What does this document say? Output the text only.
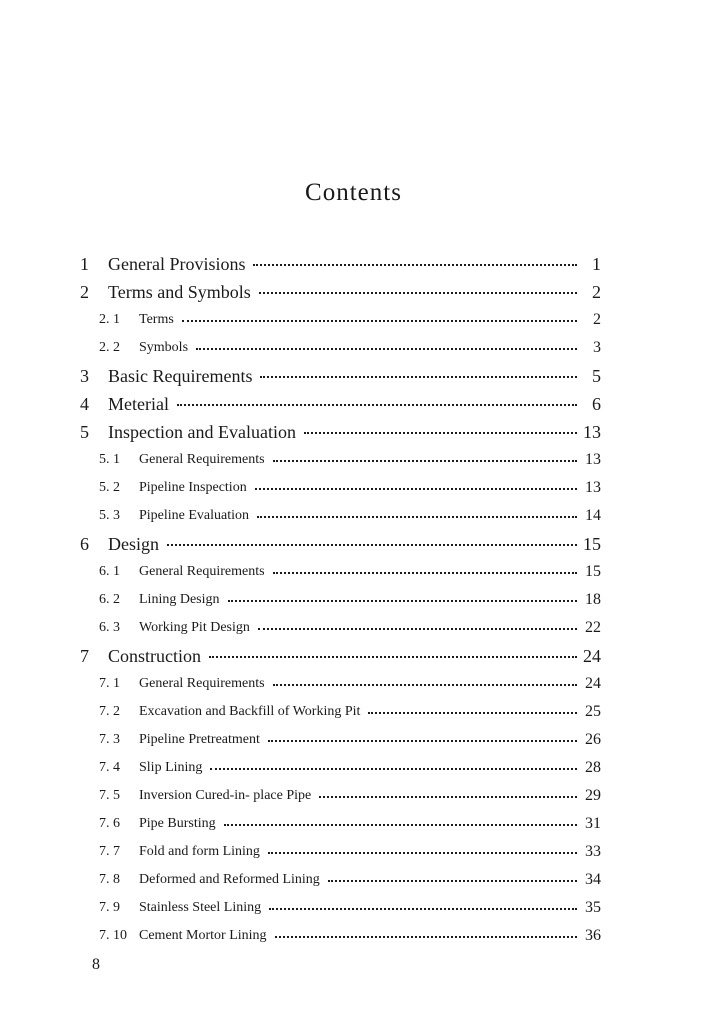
Contents
1	General Provisions	1
2	Terms and Symbols	2
2. 1	Terms	2
2. 2	Symbols	3
3	Basic Requirements	5
4	Meterial	6
5	Inspection and Evaluation	13
5. 1	General Requirements	13
5. 2	Pipeline Inspection	13
5. 3	Pipeline Evaluation	14
6	Design	15
6. 1	General Requirements	15
6. 2	Lining Design	18
6. 3	Working Pit Design	22
7	Construction	24
7. 1	General Requirements	24
7. 2	Excavation and Backfill of Working Pit	25
7. 3	Pipeline Pretreatment	26
7. 4	Slip Lining	28
7. 5	Inversion Cured-in- place Pipe	29
7. 6	Pipe Bursting	31
7. 7	Fold and form Lining	33
7. 8	Deformed and Reformed Lining	34
7. 9	Stainless Steel Lining	35
7. 10 Cement Mortor Lining	36
8
